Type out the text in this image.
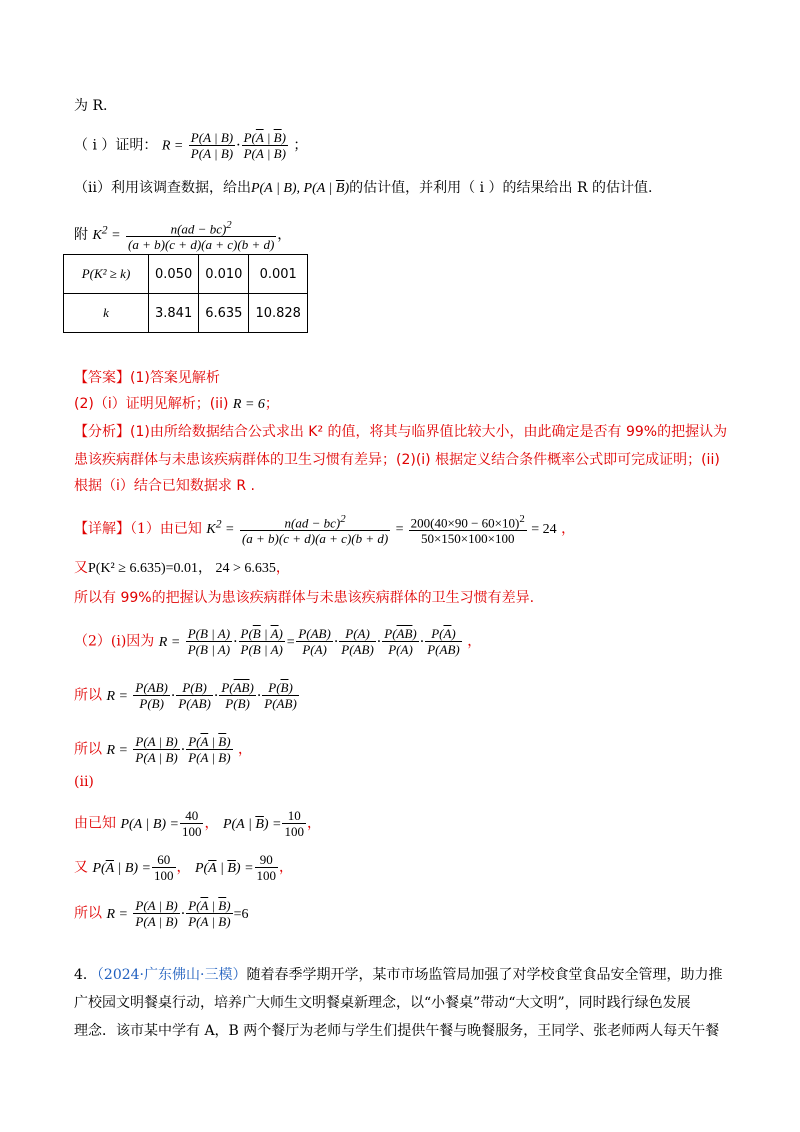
为 R.
（ i ）证明： $R = \frac{P(A | B)}{P(\overline{A} | B)} \cdot \frac{P(\overline{A} | \overline{B})}{P(A | \overline{B})}$ ；
（ii）利用该调查数据，给出P(A | B), P(A | $\overline{B}$)的估计值，并利用（ i ）的结果给出 R 的估计值.
附 $K^2 = \frac{n(ad - bc)^2}{(a + b)(c + d)(a + c)(b + d)}$ ，
P(K² ≥ k)	0.050	0.010	0.001
k	3.841	6.635	10.828
【答案】(1)答案见解析
(2)（i）证明见解析；(ii) R = 6；
【分析】(1)由所给数据结合公式求出 K² 的值，将其与临界值比较大小，由此确定是否有 99%的把握认为
患该疾病群体与未患该疾病群体的卫生习惯有差异；(2)(i) 根据定义结合条件概率公式即可完成证明；(ii)
根据（i）结合已知数据求 R .
【详解】（1）由已知 $K^2 = \frac{n(ad - bc)^2}{(a + b)(c + d)(a + c)(b + d)} = \frac{200(40\times 90 - 60\times 10)^2}{50\times 150\times 100\times 100} = 24$ ，
又P(K² ≥ 6.635)=0.01， 24 > 6.635，
所以有 99%的把握认为患该疾病群体与未患该疾病群体的卫生习惯有差异.
（2）(i)因为 $R = \frac{P(B | A)}{P(\overline{B} | A)} \cdot \frac{P(\overline{B} | \overline{A})}{P(B | \overline{A})} = \frac{P(AB)}{P(A)} \cdot \frac{P(A)}{P(A\overline{B})} \cdot \frac{P(\overline{AB})}{P(\overline{A})} \cdot \frac{P(\overline{A})}{P(\overline{A}B)}$ ，
所以 $R = \frac{P(AB)}{P(B)} \cdot \frac{P(B)}{P(\overline{A}B)} \cdot \frac{P(\overline{AB})}{P(\overline{B})} \cdot \frac{P(\overline{B})}{P(A\overline{B})}$
所以 $R = \frac{P(A | B)}{P(\overline{A} | B)} \cdot \frac{P(\overline{A} | \overline{B})}{P(A | \overline{B})}$ ，
(ii)
由已知 P(A | $B) = \frac{40}{100}$ ， P(A | $\overline{B}) = \frac{10}{100}$ ，
又 $P(\overline{A}$ | $B) = \frac{60}{100}$ ， $P(\overline{A}$ | $\overline{B}) = \frac{90}{100}$ ，
所以 $R = \frac{P(A | B)}{P(\overline{A} | B)} \cdot \frac{P(\overline{A} | \overline{B})}{P(A | \overline{B})} =6$
4．（2024·广东佛山·三模）随着春季学期开学，某市市场监管局加强了对学校食堂食品安全管理，助力推
广校园文明餐桌行动，培养广大师生文明餐桌新理念，以“小餐桌”带动“大文明”，同时践行绿色发展
理念．该市某中学有 A，B 两个餐厅为老师与学生们提供午餐与晚餐服务，王同学、张老师两人每天午餐
